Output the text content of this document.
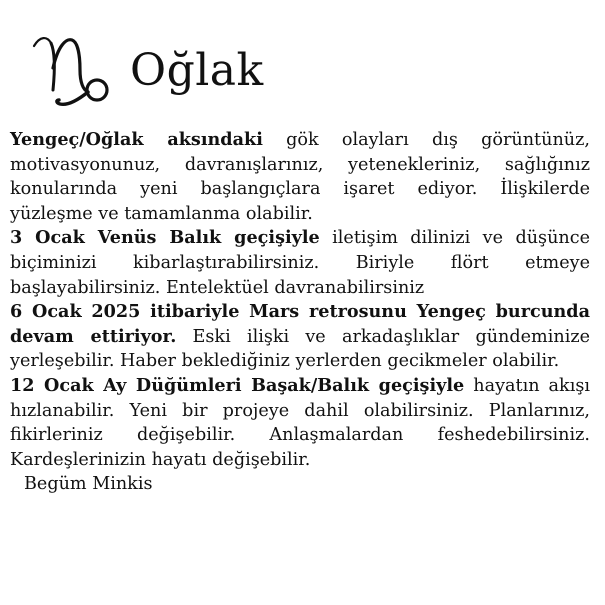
Oğlak

Yengeç/Oğlak aksındaki gök olayları dış görüntünüz, motivasyonunuz, davranışlarınız, yetenekleriniz, sağlığınız konularında yeni başlangıçlara işaret ediyor. İlişkilerde yüzleşme ve tamamlanma olabilir.

3 Ocak Venüs Balık geçişiyle iletişim dilinizi ve düşünce biçiminizi kibarlaştırabilirsiniz. Biriyle flört etmeye başlayabilirsiniz. Entelektüel davranabilirsiniz

6 Ocak 2025 itibariyle Mars retrosunu Yengeç burcunda devam ettiriyor. Eski ilişki ve arkadaşlıklar gündeminize yerleşebilir. Haber beklediğiniz yerlerden gecikmeler olabilir.

12 Ocak Ay Düğümleri Başak/Balık geçişiyle hayatın akışı hızlanabilir. Yeni bir projeye dahil olabilirsiniz. Planlarınız, fikirleriniz değişebilir. Anlaşmalardan feshedebilirsiniz. Kardeşlerinizin hayatı değişebilir.

Begüm Minkis
